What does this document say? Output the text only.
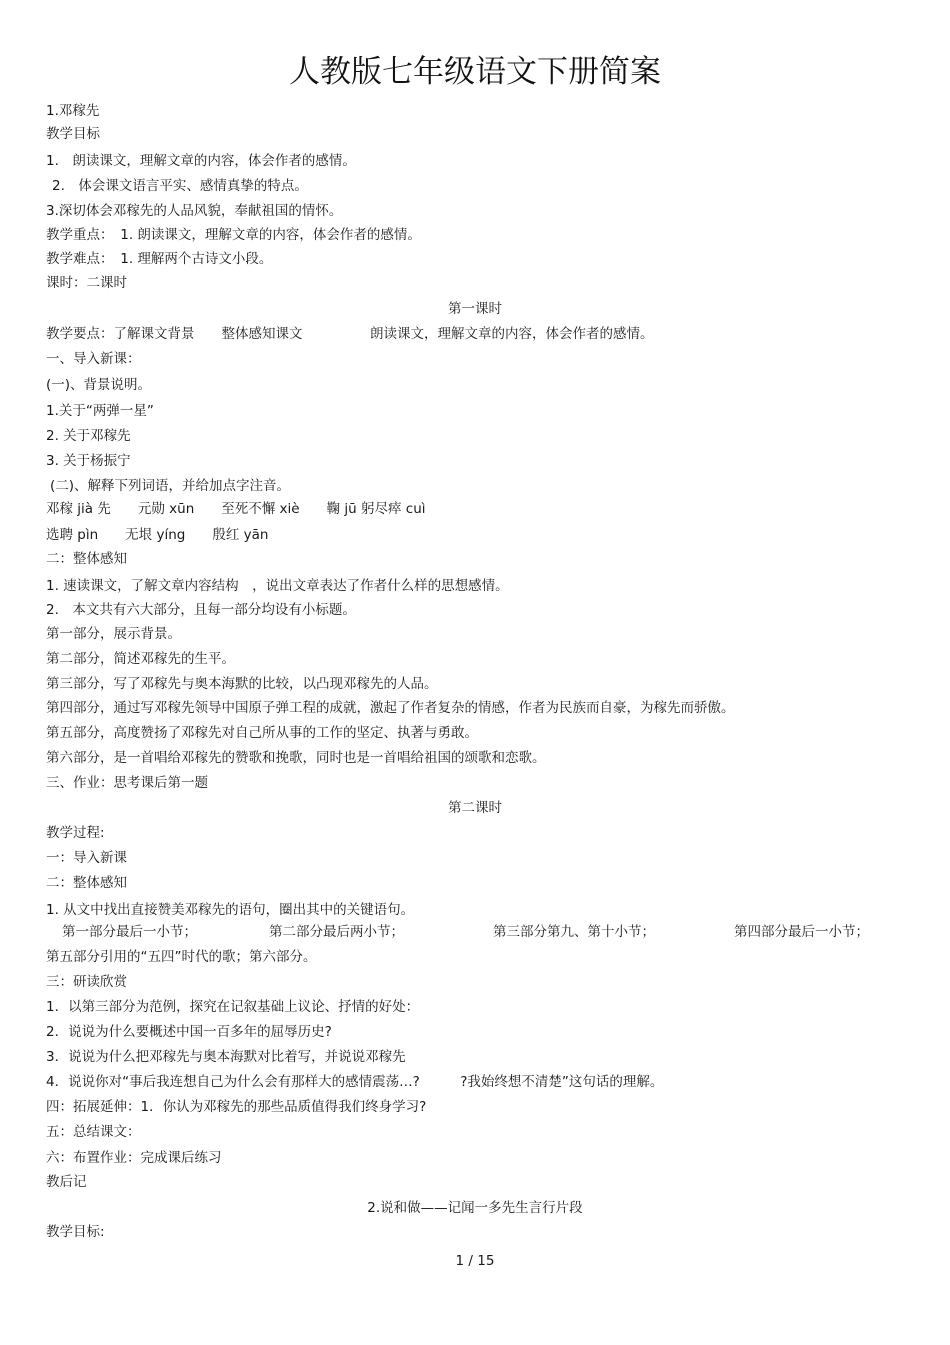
人教版七年级语文下册简案
1.邓稼先
教学目标
1.　朗读课文，理解文章的内容，体会作者的感情。
2.　体会课文语言平实、感情真挚的特点。
3.深切体会邓稼先的人品风貌，奉献祖国的情怀。
教学重点：　1. 朗读课文，理解文章的内容，体会作者的感情。
教学难点：　1. 理解两个古诗文小段。
课时：二课时
第一课时
教学要点：了解课文背景　　整体感知课文　　　　　朗读课文，理解文章的内容，体会作者的感情。
一、导入新课：
(一)、背景说明。
1.关于“两弹一星”
2. 关于邓稼先
3. 关于杨振宁
(二)、解释下列词语，并给加点字注音。
邓稼 jià 先　　元勋 xūn　　至死不懈 xiè　　鞠 jū 躬尽瘁 cuì
选聘 pìn　　无垠 yíng　　殷红 yān
二：整体感知
1. 速读课文，了解文章内容结构　，说出文章表达了作者什么样的思想感情。
2.　本文共有六大部分，且每一部分均设有小标题。
第一部分，展示背景。
第二部分，简述邓稼先的生平。
第三部分，写了邓稼先与奥本海默的比较，以凸现邓稼先的人品。
第四部分，通过写邓稼先领导中国原子弹工程的成就，激起了作者复杂的情感，作者为民族而自豪，为稼先而骄傲。
第五部分，高度赞扬了邓稼先对自己所从事的工作的坚定、执著与勇敢。
第六部分，是一首唱给邓稼先的赞歌和挽歌，同时也是一首唱给祖国的颂歌和恋歌。
三、作业：思考课后第一题
第二课时
教学过程:
一：导入新课
二：整体感知
1. 从文中找出直接赞美邓稼先的语句，圈出其中的关键语句。
第一部分最后一小节；	第二部分最后两小节；	第三部分第九、第十小节；	第四部分最后一小节；
第五部分引用的“五四”时代的歌；第六部分。
三：研读欣赏
1．以第三部分为范例，探究在记叙基础上议论、抒情的好处：
2．说说为什么要概述中国一百多年的屈辱历史?
3．说说为什么把邓稼先与奥本海默对比着写，并说说邓稼先
4．说说你对“事后我连想自己为什么会有那样大的感情震荡…?　　　?我始终想不清楚”这句话的理解。
四：拓展延伸：1．你认为邓稼先的那些品质值得我们终身学习?
五：总结课文：
六：布置作业：完成课后练习
教后记
2.说和做——记闻一多先生言行片段
教学目标:
1 / 15
